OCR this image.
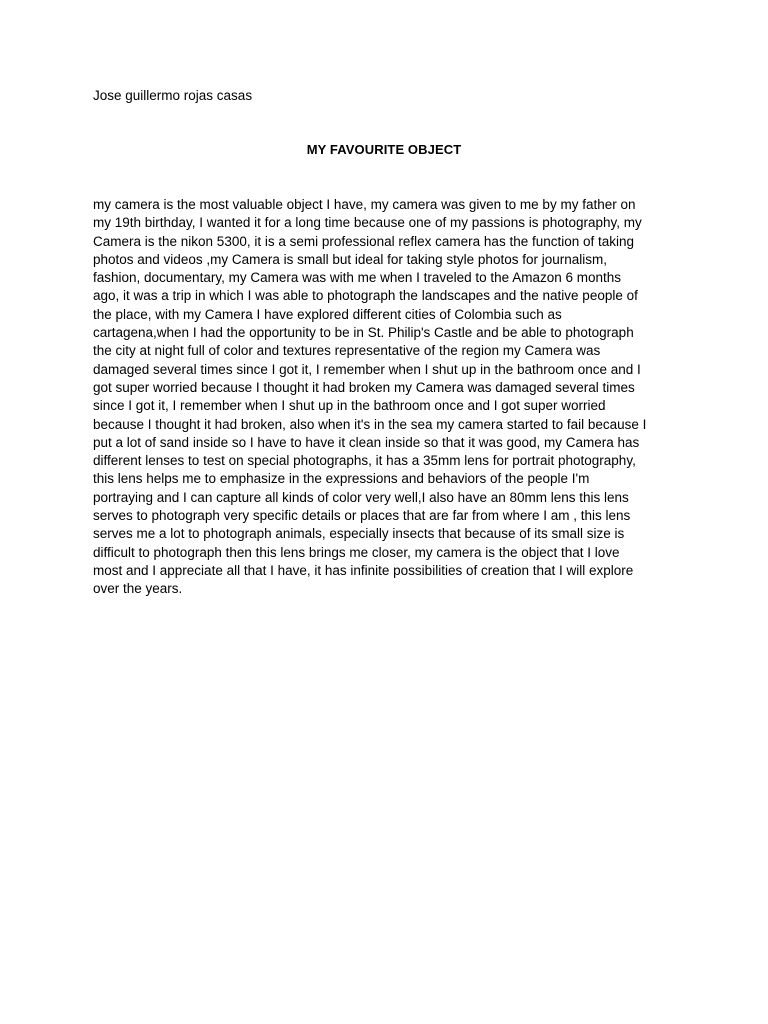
Jose guillermo rojas casas
MY FAVOURITE OBJECT
my camera is the most valuable object I have, my camera was given to me by my father on
my 19th birthday, I wanted it for a long time because one of my passions is photography, my
Camera is the nikon 5300, it is a semi professional reflex camera has the function of taking
photos and videos ,my Camera is small but ideal for taking style photos for journalism,
fashion, documentary, my Camera was with me when I traveled to the Amazon 6 months
ago, it was a trip in which I was able to photograph the landscapes and the native people of
the place, with my Camera I have explored different cities of Colombia such as
cartagena,when I had the opportunity to be in St. Philip's Castle and be able to photograph
the city at night full of color and textures representative of the region my Camera was
damaged several times since I got it, I remember when I shut up in the bathroom once and I
got super worried because I thought it had broken my Camera was damaged several times
since I got it, I remember when I shut up in the bathroom once and I got super worried
because I thought it had broken, also when it's in the sea my camera started to fail because I
put a lot of sand inside so I have to have it clean inside so that it was good, my Camera has
different lenses to test on special photographs, it has a 35mm lens for portrait photography,
this lens helps me to emphasize in the expressions and behaviors of the people I'm
portraying and I can capture all kinds of color very well,I also have an 80mm lens this lens
serves to photograph very specific details or places that are far from where I am , this lens
serves me a lot to photograph animals, especially insects that because of its small size is
difficult to photograph then this lens brings me closer, my camera is the object that I love
most and I appreciate all that I have, it has infinite possibilities of creation that I will explore
over the years.
